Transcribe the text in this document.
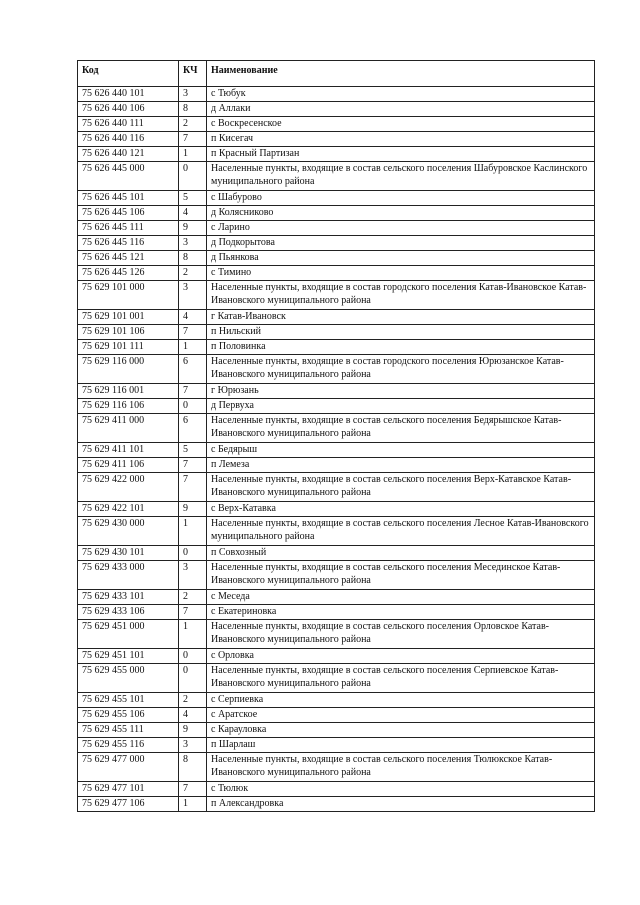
Код	КЧ	Наименование
75 626 440 101	3	с Тюбук
75 626 440 106	8	д Аллаки
75 626 440 111	2	с Воскресенское
75 626 440 116	7	п Кисегач
75 626 440 121	1	п Красный Партизан
75 626 445 000	0	Населенные пункты, входящие в состав сельского поселения Шабуровское Каслинского муниципального района
75 626 445 101	5	с Шабурово
75 626 445 106	4	д Колясниково
75 626 445 111	9	с Ларино
75 626 445 116	3	д Подкорытова
75 626 445 121	8	д Пьянкова
75 626 445 126	2	с Тимино
75 629 101 000	3	Населенные пункты, входящие в состав городского поселения Катав-Ивановское Катав-Ивановского муниципального района
75 629 101 001	4	г Катав-Ивановск
75 629 101 106	7	п Нильский
75 629 101 111	1	п Половинка
75 629 116 000	6	Населенные пункты, входящие в состав городского поселения Юрюзанское Катав-Ивановского муниципального района
75 629 116 001	7	г Юрюзань
75 629 116 106	0	д Первуха
75 629 411 000	6	Населенные пункты, входящие в состав сельского поселения Бедярышское Катав-Ивановского муниципального района
75 629 411 101	5	с Бедярыш
75 629 411 106	7	п Лемеза
75 629 422 000	7	Населенные пункты, входящие в состав сельского поселения Верх-Катавское Катав-Ивановского муниципального района
75 629 422 101	9	с Верх-Катавка
75 629 430 000	1	Населенные пункты, входящие в состав сельского поселения Лесное Катав-Ивановского муниципального района
75 629 430 101	0	п Совхозный
75 629 433 000	3	Населенные пункты, входящие в состав сельского поселения Месединское Катав-Ивановского муниципального района
75 629 433 101	2	с Меседа
75 629 433 106	7	с Екатериновка
75 629 451 000	1	Населенные пункты, входящие в состав сельского поселения Орловское Катав-Ивановского муниципального района
75 629 451 101	0	с Орловка
75 629 455 000	0	Населенные пункты, входящие в состав сельского поселения Серпиевское Катав-Ивановского муниципального района
75 629 455 101	2	с Серпиевка
75 629 455 106	4	с Аратское
75 629 455 111	9	с Карауловка
75 629 455 116	3	п Шарлаш
75 629 477 000	8	Населенные пункты, входящие в состав сельского поселения Тюлюкское Катав-Ивановского муниципального района
75 629 477 101	7	с Тюлюк
75 629 477 106	1	п Александровка
